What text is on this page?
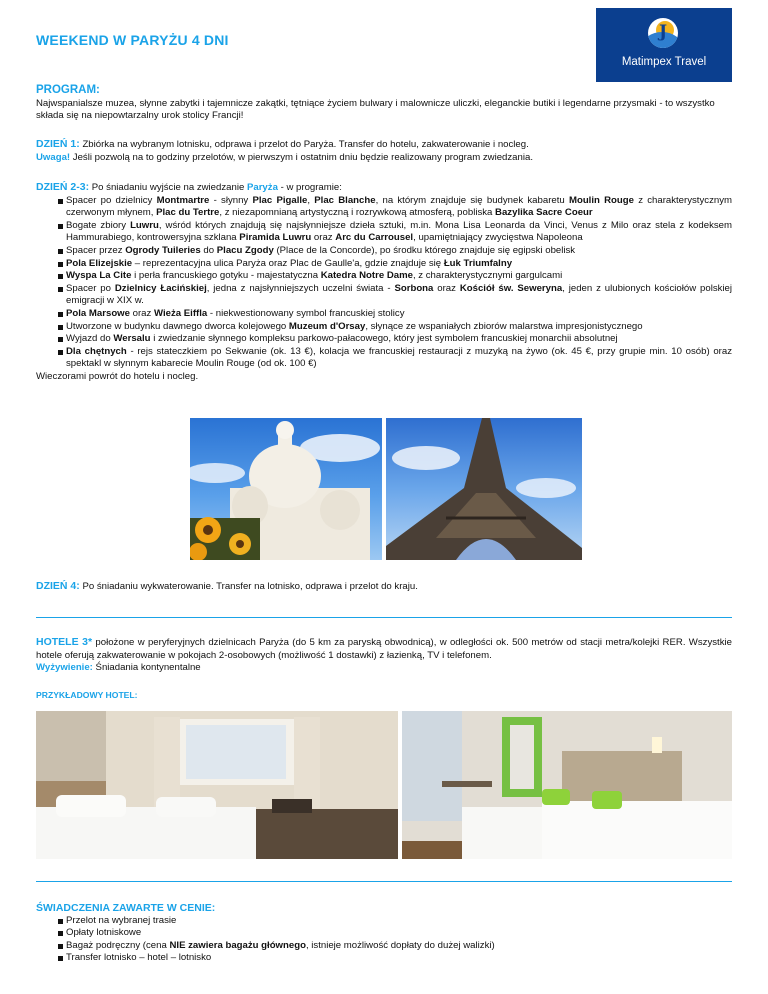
WEEKEND W PARYŻU 4 DNI	J
Matimpex Travel
PROGRAM:
Najwspanialsze muzea, słynne zabytki i tajemnicze zakątki, tętniące życiem bulwary i malownicze uliczki, eleganckie butiki i legendarne przysmaki - to wszystko składa się na niepowtarzalny urok stolicy Francji!
DZIEŃ 1: Zbiórka na wybranym lotnisku, odprawa i przelot do Paryża. Transfer do hotelu, zakwaterowanie i nocleg.
Uwaga! Jeśli pozwolą na to godziny przelotów, w pierwszym i ostatnim dniu będzie realizowany program zwiedzania.
DZIEŃ 2-3: Po śniadaniu wyjście na zwiedzanie Paryża - w programie:
Spacer po dzielnicy Montmartre - słynny Plac Pigalle, Plac Blanche, na którym znajduje się budynek kabaretu Moulin Rouge z charakterystycznym czerwonym młynem, Plac du Tertre, z niezapomnianą artystyczną i rozrywkową atmosferą, pobliska Bazylika Sacre Coeur
Bogate zbiory Luwru, wśród których znajdują się najsłynniejsze dzieła sztuki, m.in. Mona Lisa Leonarda da Vinci, Venus z Milo oraz stela z kodeksem Hammurabiego, kontrowersyjna szklana Piramida Luwru oraz Arc du Carrousel, upamiętniający zwycięstwa Napoleona
Spacer przez Ogrody Tuileries do Placu Zgody (Place de la Concorde), po środku którego znajduje się egipski obelisk
Pola Elizejskie – reprezentacyjna ulica Paryża oraz Plac de Gaulle'a, gdzie znajduje się Łuk Triumfalny
Wyspa La Cite i perła francuskiego gotyku - majestatyczna Katedra Notre Dame, z charakterystycznymi gargulcami
Spacer po Dzielnicy Łacińskiej, jedna z najsłynniejszych uczelni świata - Sorbona oraz Kościół św. Seweryna, jeden z ulubionych kościołów polskiej emigracji w XIX w.
Pola Marsowe oraz Wieża Eiffla - niekwestionowany symbol francuskiej stolicy
Utworzone w budynku dawnego dworca kolejowego Muzeum d'Orsay, słynące ze wspaniałych zbiorów malarstwa impresjonistycznego
Wyjazd do Wersalu i zwiedzanie słynnego kompleksu parkowo-pałacowego, który jest symbolem francuskiej monarchii absolutnej
Dla chętnych - rejs stateczkiem po Sekwanie (ok. 13 €), kolacja we francuskiej restauracji z muzyką na żywo (ok. 45 €, przy grupie min. 10 osób) oraz spektakl w słynnym kabarecie Moulin Rouge (od ok. 100 €)
Wieczorami powrót do hotelu i nocleg.
DZIEŃ 4: Po śniadaniu wykwaterowanie. Transfer na lotnisko, odprawa i przelot do kraju.
HOTELE 3* położone w peryferyjnych dzielnicach Paryża (do 5 km za paryską obwodnicą), w odległości ok. 500 metrów od stacji metra/kolejki RER. Wszystkie hotele oferują zakwaterowanie w pokojach 2-osobowych (możliwość 1 dostawki) z łazienką, TV i telefonem.
Wyżywienie: Śniadania kontynentalne
PRZYKŁADOWY HOTEL:
ŚWIADCZENIA ZAWARTE W CENIE:
Przelot na wybranej trasie
Opłaty lotniskowe
Bagaż podręczny (cena NIE zawiera bagażu głównego, istnieje możliwość dopłaty do dużej walizki)
Transfer lotnisko – hotel – lotnisko
